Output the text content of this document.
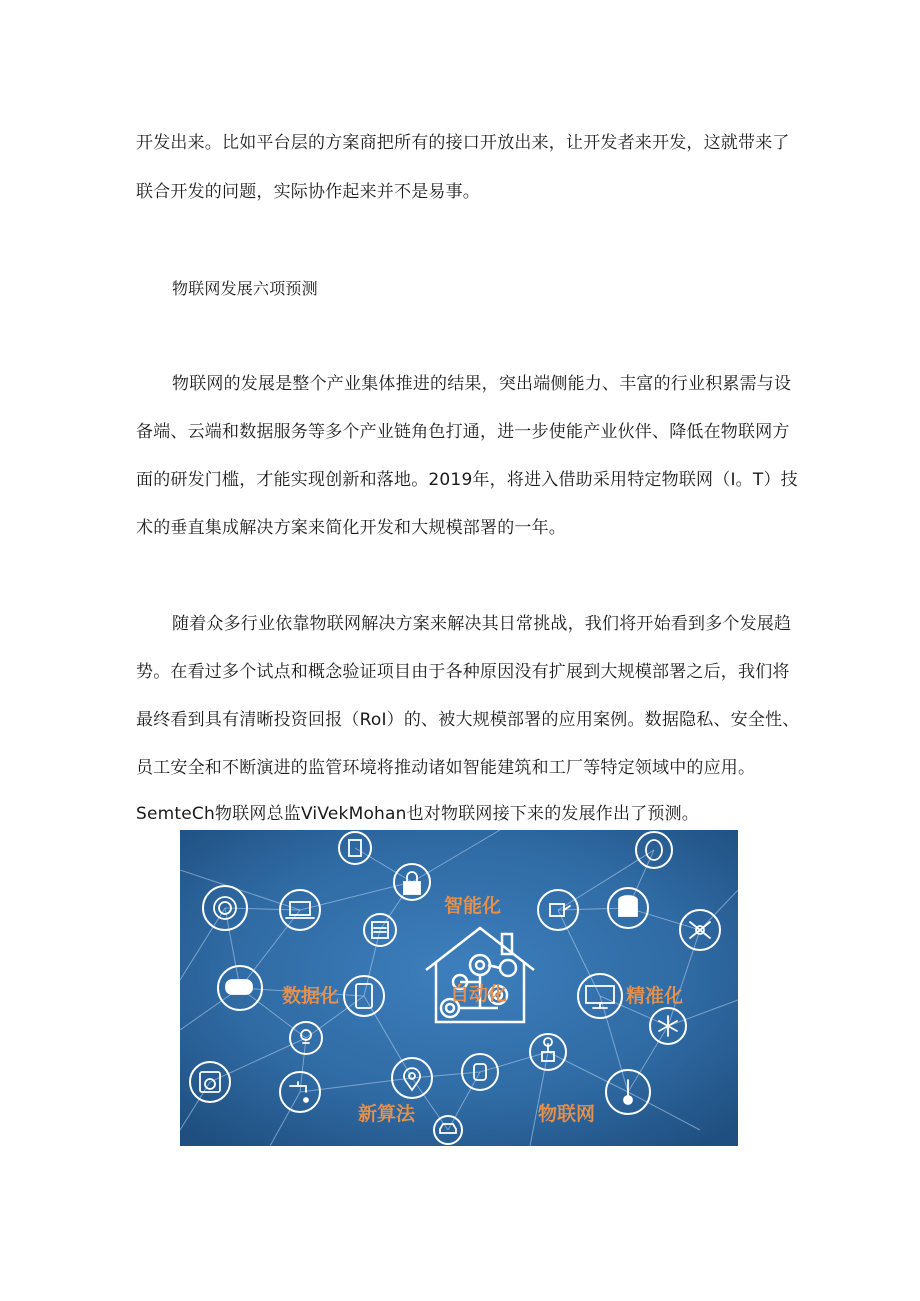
开发出来。比如平台层的方案商把所有的接口开放出来，让开发者来开发，这就带来了
联合开发的问题，实际协作起来并不是易事。
物联网发展六项预测
物联网的发展是整个产业集体推进的结果，突出端侧能力、丰富的行业积累需与设
备端、云端和数据服务等多个产业链角色打通，进一步使能产业伙伴、降低在物联网方
面的研发门槛，才能实现创新和落地。2019年，将进入借助采用特定物联网（I。T）技
术的垂直集成解决方案来简化开发和大规模部署的一年。
随着众多行业依靠物联网解决方案来解决其日常挑战，我们将开始看到多个发展趋
势。在看过多个试点和概念验证项目由于各种原因没有扩展到大规模部署之后，我们将
最终看到具有清晰投资回报（RoI）的、被大规模部署的应用案例。数据隐私、安全性、
员工安全和不断演进的监管环境将推动诸如智能建筑和工厂等特定领域中的应用。
SemteCh物联网总监ViVekMohan也对物联网接下来的发展作出了预测。
智能化
数据化	自动化	精准化
新算法	物联网
